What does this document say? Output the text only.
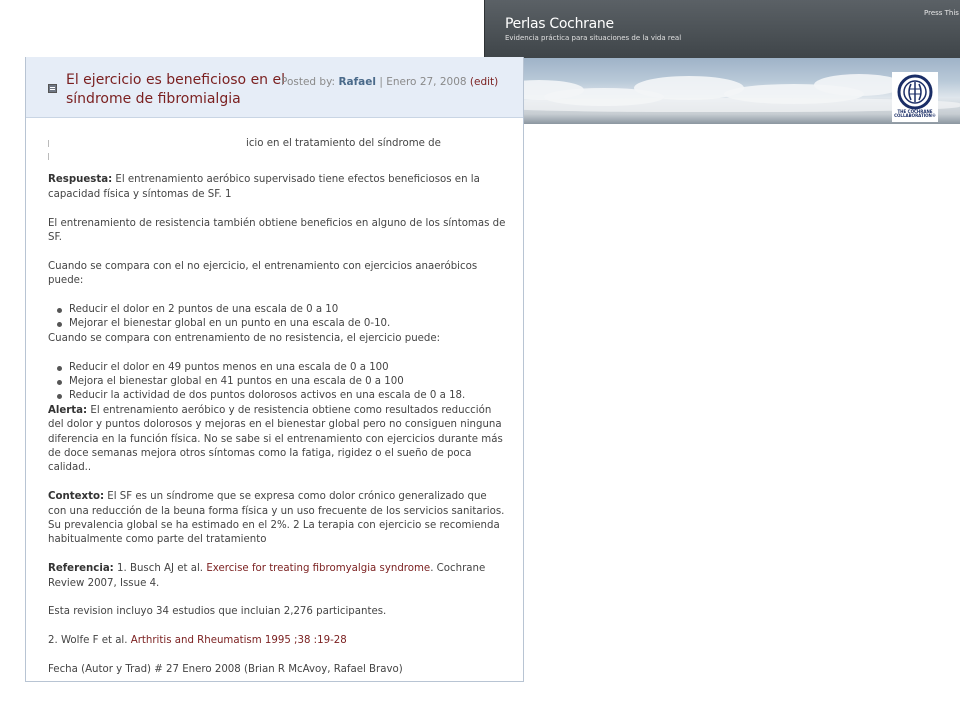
Perlas Cochrane
Evidencia práctica para situaciones de la vida real
Press This
THE COCHRANE COLLABORATION®
El ejercicio es beneficioso en el síndrome de fibromialgia
Posted by: Rafael | Enero 27, 2008 (edit)
icio en el tratamiento del síndrome de

Respuesta: El entrenamiento aeróbico supervisado tiene efectos beneficiosos en la capacidad física y síntomas de SF. 1

El entrenamiento de resistencia también obtiene beneficios en alguno de los síntomas de SF.

Cuando se compara con el no ejercicio, el entrenamiento con ejercicios anaeróbicos puede:

Reducir el dolor en 2 puntos de una escala de 0 a 10
Mejorar el bienestar global en un punto en una escala de 0-10.

Cuando se compara con entrenamiento de no resistencia, el ejercicio puede:

Reducir el dolor en 49 puntos menos en una escala de 0 a 100
Mejora el bienestar global en 41 puntos en una escala de 0 a 100
Reducir la actividad de dos puntos dolorosos activos en una escala de 0 a 18.

Alerta: El entrenamiento aeróbico y de resistencia obtiene como resultados reducción del dolor y puntos dolorosos y mejoras en el bienestar global pero no consiguen ninguna diferencia en la función física. No se sabe si el entrenamiento con ejercicios durante más de doce semanas mejora otros síntomas como la fatiga, rigidez o el sueño de poca calidad..

Contexto: El SF es un síndrome que se expresa como dolor crónico generalizado que con una reducción de la beuna forma física y un uso frecuente de los servicios sanitarios. Su prevalencia global se ha estimado en el 2%. 2 La terapia con ejercicio se recomienda habitualmente como parte del tratamiento

Referencia: 1. Busch AJ et al. Exercise for treating fibromyalgia syndrome. Cochrane Review 2007, Issue 4.

Esta revision incluyo 34 estudios que incluian 2,276 participantes.

2. Wolfe F et al. Arthritis and Rheumatism 1995 ;38 :19-28

Fecha (Autor y Trad) # 27 Enero 2008 (Brian R McAvoy, Rafael Bravo)
